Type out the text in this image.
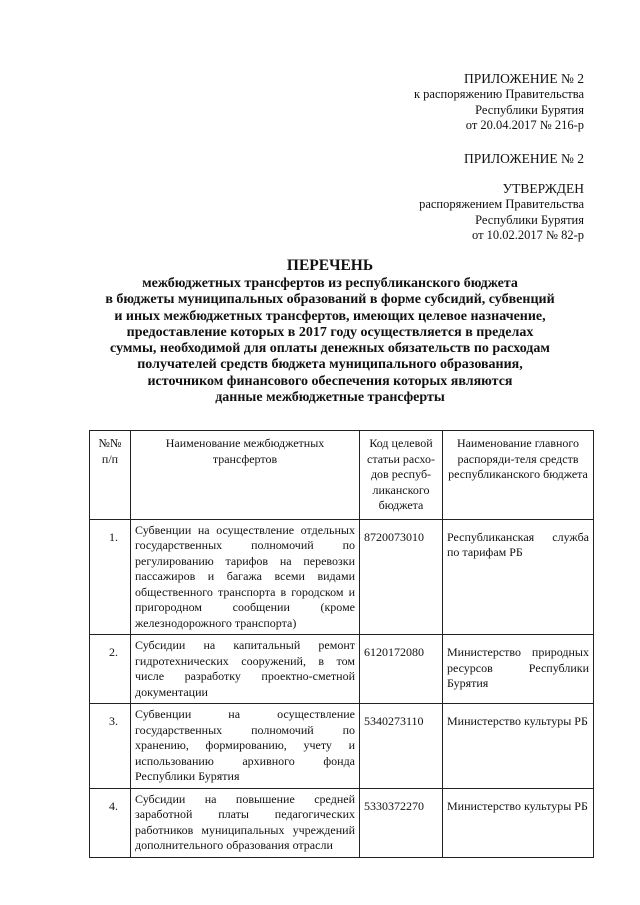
ПРИЛОЖЕНИЕ № 2
к распоряжению Правительства
Республики Бурятия
от 20.04.2017 № 216-р
ПРИЛОЖЕНИЕ № 2
УТВЕРЖДЕН
распоряжением Правительства
Республики Бурятия
от 10.02.2017 № 82-р
ПЕРЕЧЕНЬ
межбюджетных трансфертов из республиканского бюджета
в бюджеты муниципальных образований в форме субсидий, субвенций
и иных межбюджетных трансфертов, имеющих целевое назначение,
предоставление которых в 2017 году осуществляется в пределах
суммы, необходимой для оплаты денежных обязательств по расходам
получателей средств бюджета муниципального образования,
источником финансового обеспечения которых являются
данные межбюджетные трансферты
№№ п/п	Наименование межбюджетных трансфертов	Код целевой статьи расхо-дов респуб-ликанского бюджета	Наименование главного распоряди-теля средств республиканского бюджета
1.	Субвенции на осуществление отдельных государственных полномочий по регулированию тарифов на перевозки пассажиров и багажа всеми видами общественного транспорта в городском и пригородном сообщении (кроме железнодорожного транспорта)	8720073010	Республиканская служба по тарифам РБ
2.	Субсидии на капитальный ремонт гидротехнических сооружений, в том числе разработку проектно-сметной документации	6120172080	Министерство природных ресурсов Республики Бурятия
3.	Субвенции на осуществление государственных полномочий по хранению, формированию, учету и использованию архивного фонда Республики Бурятия	5340273110	Министерство культуры РБ
4.	Субсидии на повышение средней заработной платы педагогических работников муниципальных учреждений дополнительного образования отрасли	5330372270	Министерство культуры РБ
